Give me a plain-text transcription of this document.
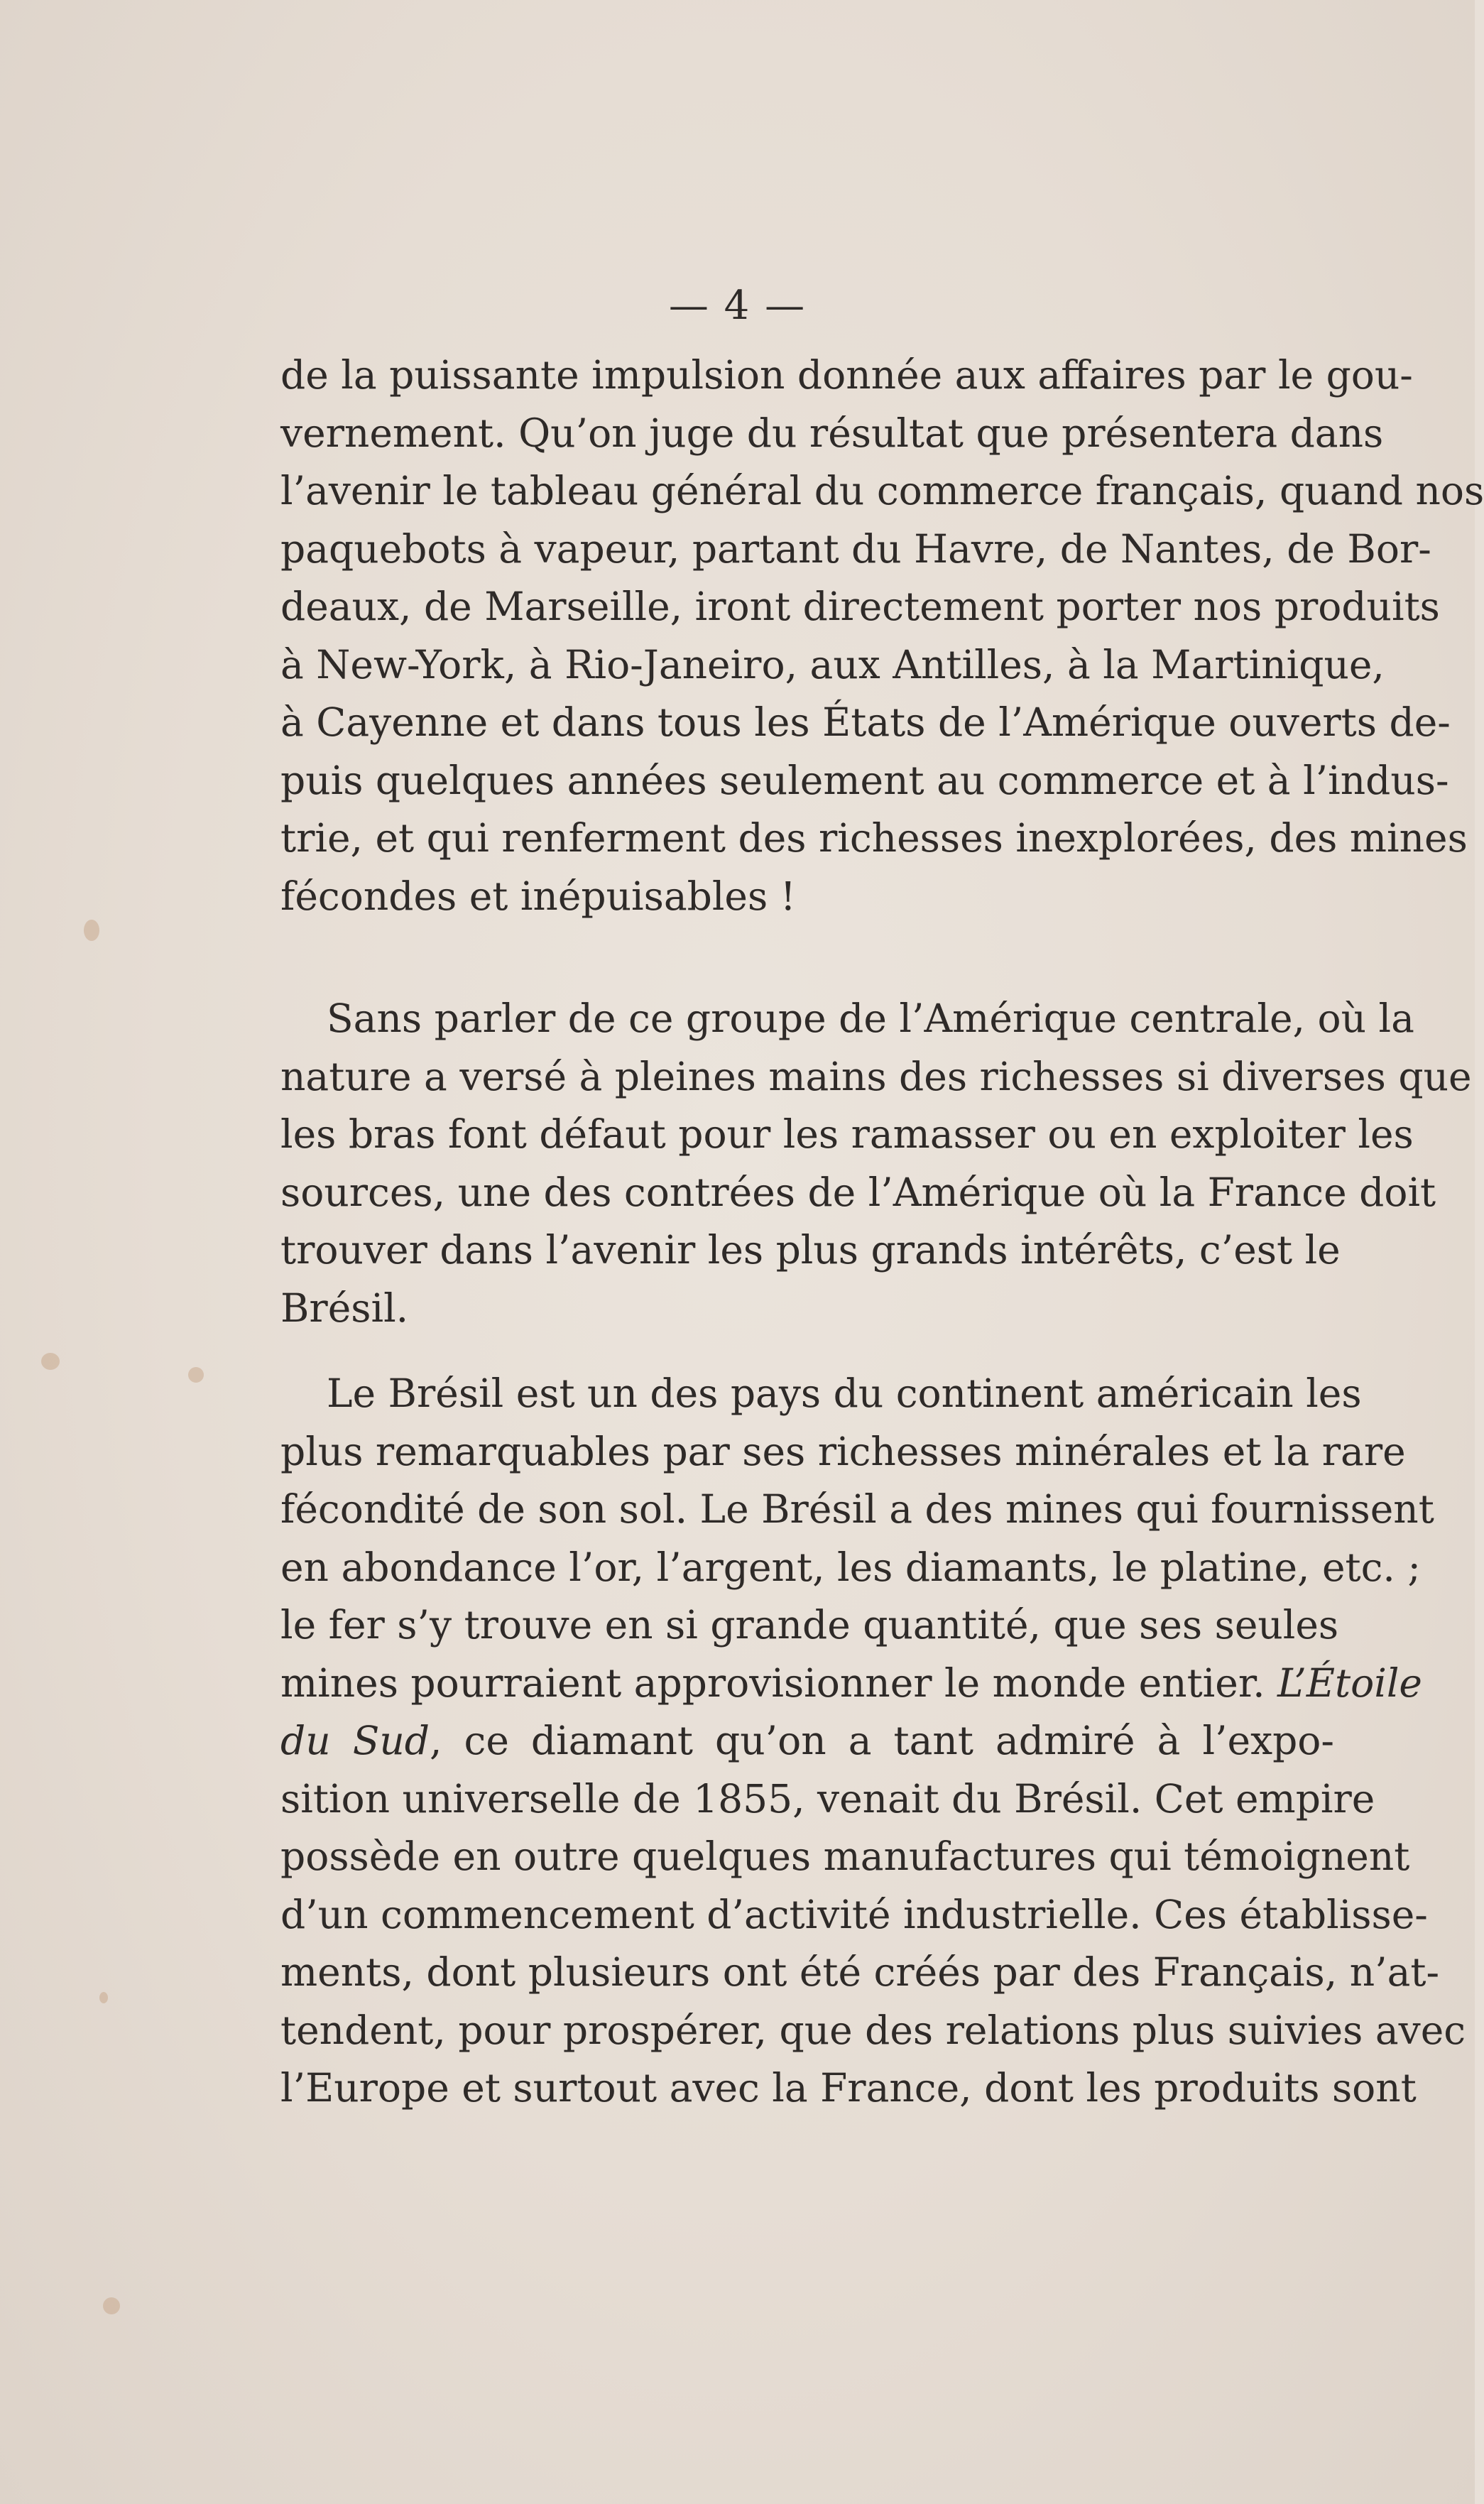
— 4 —
de la puissante impulsion donnée aux affaires par le gou-
vernement. Qu’on juge du résultat que présentera dans
l’avenir le tableau général du commerce français, quand nos
paquebots à vapeur, partant du Havre, de Nantes, de Bor-
deaux, de Marseille, iront directement porter nos produits
à New-York, à Rio-Janeiro, aux Antilles, à la Martinique,
à Cayenne et dans tous les États de l’Amérique ouverts de-
puis quelques années seulement au commerce et à l’indus-
trie, et qui renferment des richesses inexplorées, des mines
fécondes et inépuisables !
Sans parler de ce groupe de l’Amérique centrale, où la
nature a versé à pleines mains des richesses si diverses que
les bras font défaut pour les ramasser ou en exploiter les
sources, une des contrées de l’Amérique où la France doit
trouver dans l’avenir les plus grands intérêts, c’est le
Brésil.
Le Brésil est un des pays du continent américain les
plus remarquables par ses richesses minérales et la rare
fécondité de son sol. Le Brésil a des mines qui fournissent
en abondance l’or, l’argent, les diamants, le platine, etc. ;
le fer s’y trouve en si grande quantité, que ses seules
mines pourraient approvisionner le monde entier. L’Étoile
du Sud, ce diamant qu’on a tant admiré à l’expo-
sition universelle de 1855, venait du Brésil. Cet empire
possède en outre quelques manufactures qui témoignent
d’un commencement d’activité industrielle. Ces établisse-
ments, dont plusieurs ont été créés par des Français, n’at-
tendent, pour prospérer, que des relations plus suivies avec
l’Europe et surtout avec la France, dont les produits sont
